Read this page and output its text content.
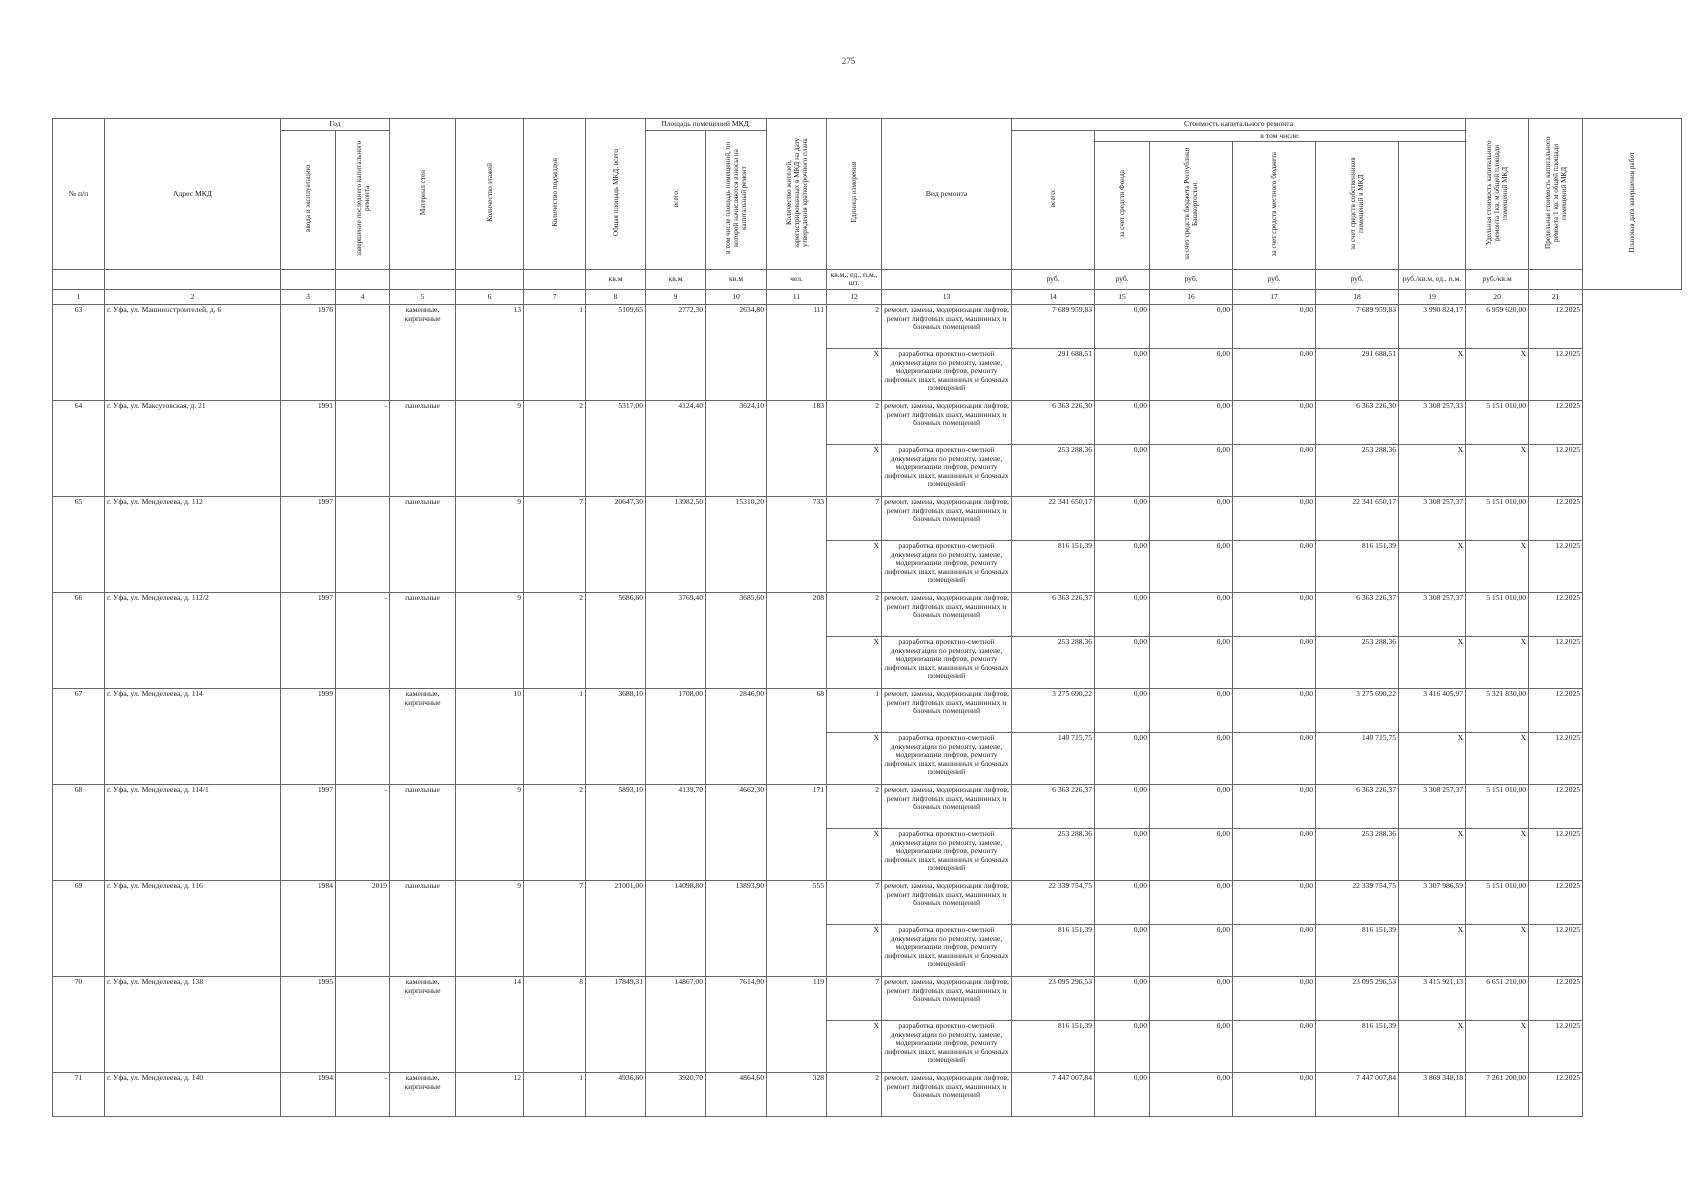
275
№ п/п	Адрес МКД	Год		Материал стен	Количество этажей	Количество подъездов	Общая площадь МКД, всего	Площадь помещений МКД:		Количество жителей, зарегистрированных в МКД на дату утверждения краткосрочного плана	Единица измерения	Вид ремонта	Стоимость капитального ремонта						Удельная стоимость капитального ремонта 1кв. м общей площади помещений МКД	Предельная стоимость капитального ремонта 1 кв. м общей площади помещений МКД	Плановая дата завершения работ
		ввода в эксплуатацию	завершение последнего капитального ремонта					всего:	в том числе площадь помещений, по которой начисляются взносы на капитальный ремонт				всего:	в том числе:							
														за счет средств Фонда	за счет средств бюджета Республики Башкортостан	за счет средств местного бюджета	за счет средств собственников помещений в МКД				
							кв.м	кв.м	кв.м	чел.	кв.м., ед., п.м., шт.		руб.	руб.	руб.	руб.	руб.	руб./кв.м, ед., п.м.	руб./кв.м		
1	2	3	4	5	6	7	8	9	10	11	12	13	14	15	16	17	18	19	20	21	
63	г. Уфа, ул. Машиностроителей, д. 6	1976		каменные, кирпичные	13	1	5109,65	2772,30	2634,80	111	2	ремонт, замена, модернизация лифтов, ремонт лифтовых шахт, машинных и блочных помещений	7 689 959,83	0,00	0,00	0,00	7 689 959,83	3 990 824,17	6 959 620,00	12.2025	
											X	разработка проектно-сметной документации по ремонту, замене, модернизации лифтов, ремонту лифтовых шахт, машинных и блочных помещений	291 688,51	0,00	0,00	0,00	291 688,51	X	X	12.2025	
64	г. Уфа, ул. Максутовская, д. 21	1991	-	панельные	9	2	5317,00	4124,40	3624,10	183	2	ремонт, замена, модернизация лифтов, ремонт лифтовых шахт, машинных и блочных помещений	6 363 226,30	0,00	0,00	0,00	6 363 226,30	3 308 257,33	5 151 010,00	12.2025	
											X	разработка проектно-сметной документации по ремонту, замене, модернизации лифтов, ремонту лифтовых шахт, машинных и блочных помещений	253 288,36	0,00	0,00	0,00	253 288,36	X	X	12.2025	
65	г. Уфа, ул. Менделеева, д. 112	1997		панельные	9	7	20647,30	13982,50	15310,20	733	7	ремонт, замена, модернизация лифтов, ремонт лифтовых шахт, машинных и блочных помещений	22 341 650,17	0,00	0,00	0,00	22 341 650,17	3 308 257,37	5 151 010,00	12.2025	
											X	разработка проектно-сметной документации по ремонту, замене, модернизации лифтов, ремонту лифтовых шахт, машинных и блочных помещений	816 151,39	0,00	0,00	0,00	816 151,39	X	X	12.2025	
66	г. Уфа, ул. Менделеева, д. 112/2	1997	-	панельные	9	2	5686,60	3769,40	3685,60	208	2	ремонт, замена, модернизация лифтов, ремонт лифтовых шахт, машинных и блочных помещений	6 363 226,37	0,00	0,00	0,00	6 363 226,37	3 308 257,37	5 151 010,00	12.2025	
											X	разработка проектно-сметной документации по ремонту, замене, модернизации лифтов, ремонту лифтовых шахт, машинных и блочных помещений	253 288,36	0,00	0,00	0,00	253 288,36	X	X	12.2025	
67	г. Уфа, ул. Менделеева, д. 114	1999		каменные, кирпичные	10	1	3688,10	1708,00	2846,00	68	1	ремонт, замена, модернизация лифтов, ремонт лифтовых шахт, машинных и блочных помещений	3 275 690,22	0,00	0,00	0,00	3 275 690,22	3 416 405,97	5 321 830,00	12.2025	
											X	разработка проектно-сметной документации по ремонту, замене, модернизации лифтов, ремонту лифтовых шахт, машинных и блочных помещений	140 715,75	0,00	0,00	0,00	140 715,75	X	X	12.2025	
68	г. Уфа, ул. Менделеева, д. 114/1	1997	-	панельные	9	2	5893,10	4139,70	4662,30	171	2	ремонт, замена, модернизация лифтов, ремонт лифтовых шахт, машинных и блочных помещений	6 363 226,37	0,00	0,00	0,00	6 363 226,37	3 308 257,37	5 151 010,00	12.2025	
											X	разработка проектно-сметной документации по ремонту, замене, модернизации лифтов, ремонту лифтовых шахт, машинных и блочных помещений	253 288,36	0,00	0,00	0,00	253 288,36	X	X	12.2025	
69	г. Уфа, ул. Менделеева, д. 116	1984	2019	панельные	9	7	21001,00	14098,80	13893,90	555	7	ремонт, замена, модернизация лифтов, ремонт лифтовых шахт, машинных и блочных помещений	22 339 754,75	0,00	0,00	0,00	22 339 754,75	3 307 986,59	5 151 010,00	12.2025	
											X	разработка проектно-сметной документации по ремонту, замене, модернизации лифтов, ремонту лифтовых шахт, машинных и блочных помещений	816 151,39	0,00	0,00	0,00	816 151,39	X	X	12.2025	
70	г. Уфа, ул. Менделеева, д. 138	1995		каменные, кирпичные	14	8	17849,31	14867,00	7614,00	119	7	ремонт, замена, модернизация лифтов, ремонт лифтовых шахт, машинных и блочных помещений	23 095 296,53	0,00	0,00	0,00	23 095 296,53	3 415 921,13	6 651 210,00	12.2025	
											X	разработка проектно-сметной документации по ремонту, замене, модернизации лифтов, ремонту лифтовых шахт, машинных и блочных помещений	816 151,39	0,00	0,00	0,00	816 151,39	X	X	12.2025	
71	г. Уфа, ул. Менделеева, д. 140	1994	-	каменные, кирпичные	12	1	4936,60	3920,70	4864,60	328	2	ремонт, замена, модернизация лифтов, ремонт лифтовых шахт, машинных и блочных помещений	7 447 007,84	0,00	0,00	0,00	7 447 007,84	3 869 348,18	7 261 200,00	12.2025	
